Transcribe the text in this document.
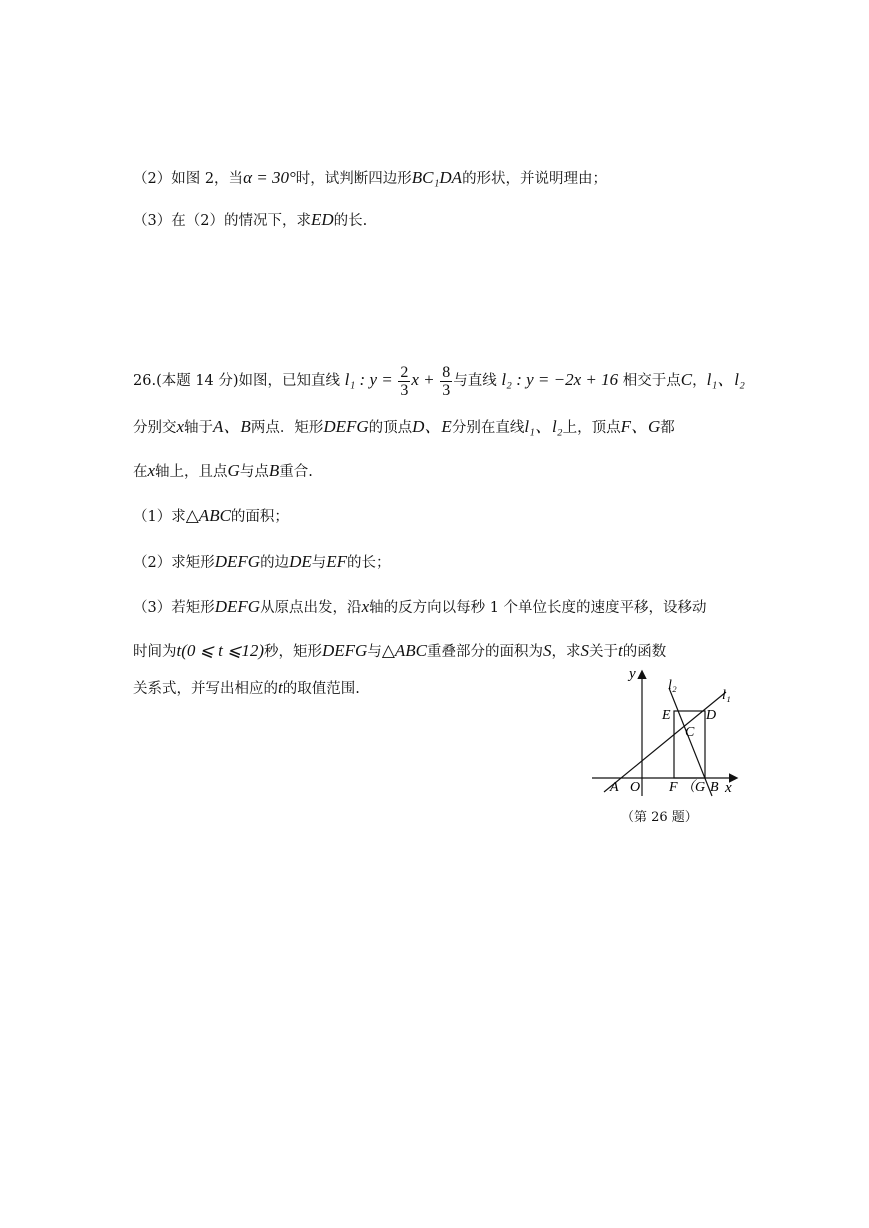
（2）如图 2，当α = 30°时，试判断四边形BC₁DA的形状，并说明理由；
（3）在（2）的情况下，求ED的长.
26.(本题 14 分)如图，已知直线 l₁ : $y = \frac{2}{3}$ $x + \frac{8}{3}$ 与直线 l₂ : y = −2x + 16 相交于点C，l₁、l₂
分别交x轴于A、B两点．矩形DEFG的顶点D、E分别在直线l₁、l₂上，顶点F、G都
在x轴上，且点G与点B重合.
（1）求△ABC的面积；
（2）求矩形DEFG的边DE与EF的长；
（3）若矩形DEFG从原点出发，沿x轴的反方向以每秒 1 个单位长度的速度平移，设移动
时间为t(0 ⩽ t ⩽12)秒，矩形DEFG与△ABC重叠部分的面积为S，求S关于t的函数
关系式，并写出相应的t的取值范围.
y
x
l₁
l₂
E	D
C
A O F （G B
（第 26 题）
